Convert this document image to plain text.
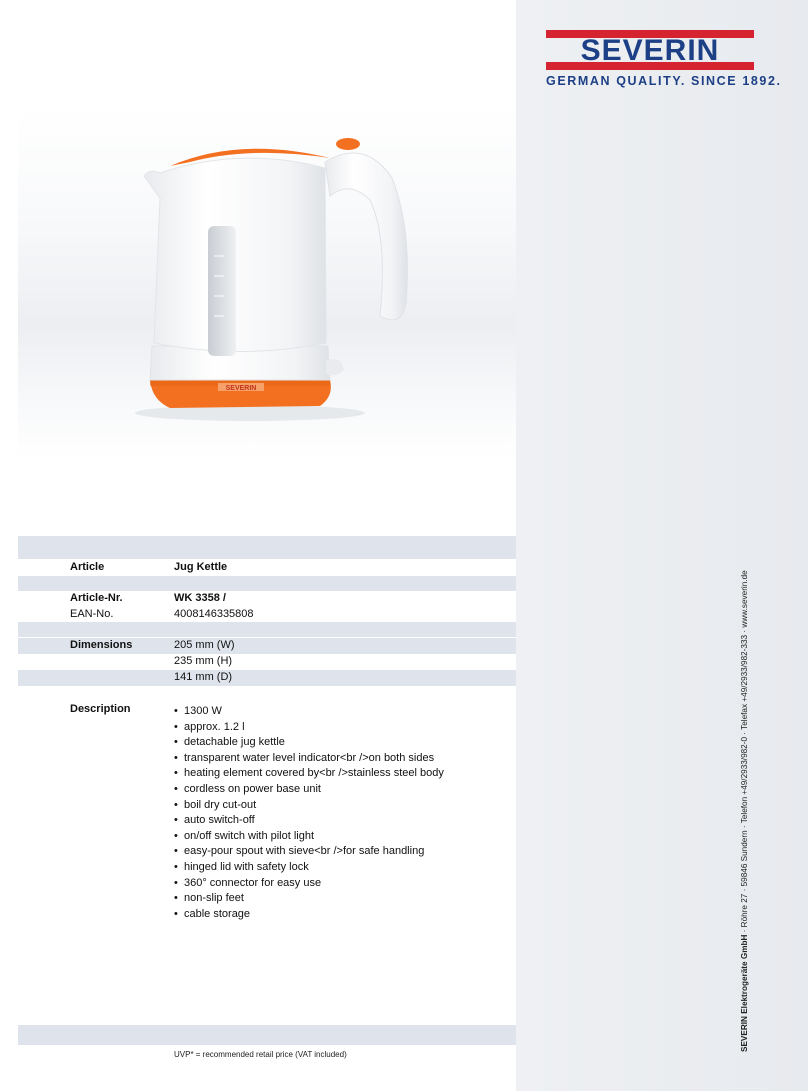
SEVERIN
GERMAN QUALITY. SINCE 1892.
SEVERIN
Article	Jug Kettle
Article-Nr.	WK 3358 /
EAN-No.	4008146335808
Dimensions	205 mm (W)
235 mm (H)
141 mm (D)
Description	• 1300 W
• approx. 1.2 l
• detachable jug kettle
• transparent water level indicator<br />on both sides
• heating element covered by<br />stainless steel body
• cordless on power base unit
• boil dry cut-out
• auto switch-off
• on/off switch with pilot light
• easy-pour spout with sieve<br />for safe handling
• hinged lid with safety lock
• 360° connector for easy use
• non-slip feet
• cable storage
UVP* = recommended retail price (VAT included)
SEVERIN Elektrogeräte GmbH · Röhre 27 · 59846 Sundern · Telefon +49/2933/982-0 · Telefax +49/2933/982-333 · www.severin.de
